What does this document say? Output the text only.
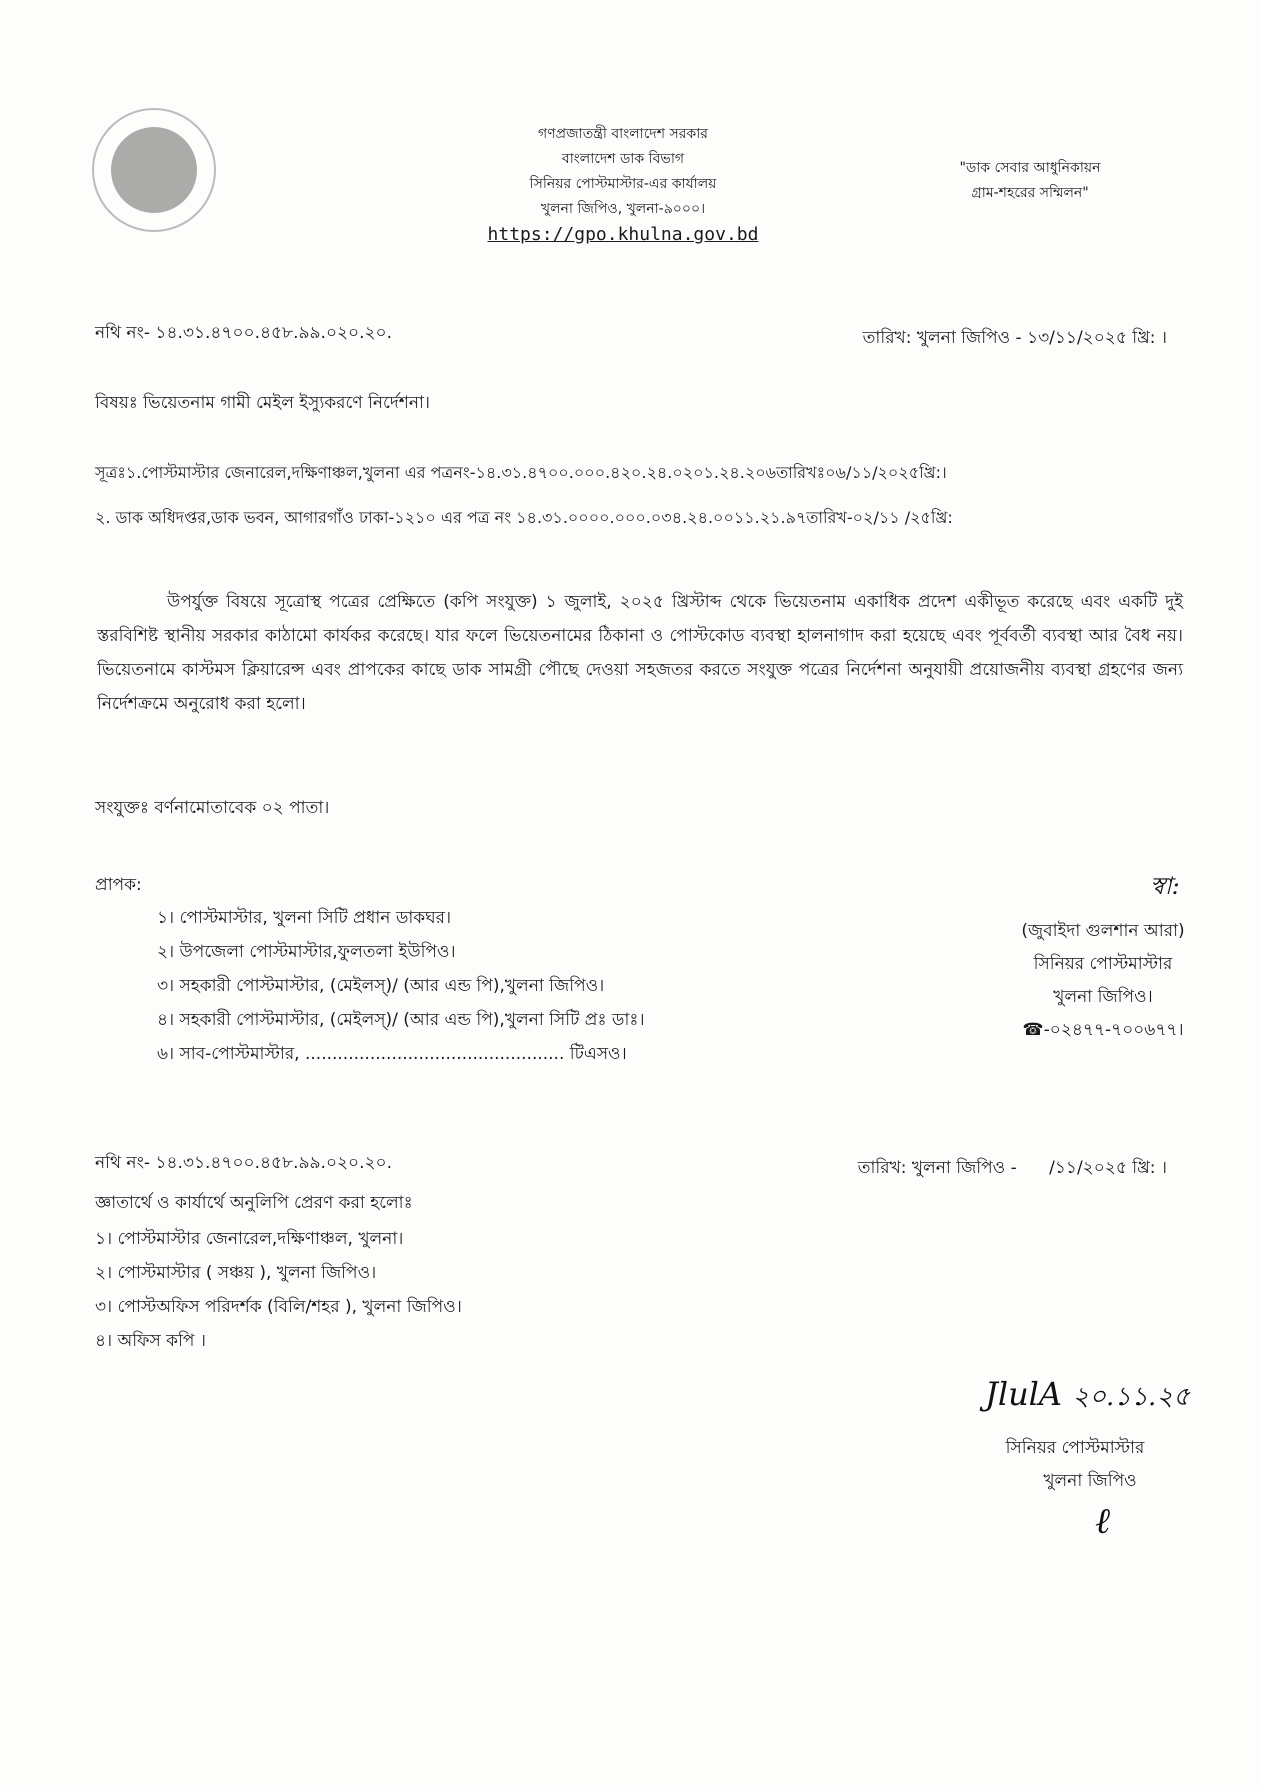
গণপ্রজাতন্ত্রী বাংলাদেশ সরকার
বাংলাদেশ ডাক বিভাগ
সিনিয়র পোস্টমাস্টার-এর কার্যালয়
খুলনা জিপিও, খুলনা-৯০০০।
https://gpo.khulna.gov.bd
"ডাক সেবার আধুনিকায়ন
গ্রাম-শহরের সম্মিলন"
নথি নং- ১৪.৩১.৪৭০০.৪৫৮.৯৯.০২০.২০.	তারিখ: খুলনা জিপিও - ১৩/১১/২০২৫ খ্রি: ।
বিষয়ঃ ভিয়েতনাম গামী মেইল ইস্যুকরণে নির্দেশনা।
সূত্রঃ১.পোস্টমাস্টার জেনারেল,দক্ষিণাঞ্চল,খুলনা এর পত্রনং-১৪.৩১.৪৭০০.০০০.৪২০.২৪.০২০১.২৪.২০৬তারিখঃ০৬/১১/২০২৫খ্রি:।
২. ডাক অধিদপ্তর,ডাক ভবন, আগারগাঁও ঢাকা-১২১০ এর পত্র নং ১৪.৩১.০০০০.০০০.০৩৪.২৪.০০১১.২১.৯৭তারিখ-০২/১১ /২৫খ্রি:
উপর্যুক্ত বিষয়ে সূত্রোস্থ পত্রের প্রেক্ষিতে (কপি সংযুক্ত) ১ জুলাই, ২০২৫ খ্রিস্টাব্দ থেকে ভিয়েতনাম একাধিক প্রদেশ একীভূত করেছে এবং একটি দুই স্তরবিশিষ্ট স্থানীয় সরকার কাঠামো কার্যকর করেছে। যার ফলে ভিয়েতনামের ঠিকানা ও পোস্টকোড ব্যবস্থা হালনাগাদ করা হয়েছে এবং পূর্ববর্তী ব্যবস্থা আর বৈধ নয়। ভিয়েতনামে কাস্টমস ক্লিয়ারেন্স এবং প্রাপকের কাছে ডাক সামগ্রী পৌছে দেওয়া সহজতর করতে সংযুক্ত পত্রের নির্দেশনা অনুযায়ী প্রয়োজনীয় ব্যবস্থা গ্রহণের জন্য নির্দেশক্রমে অনুরোধ করা হলো।
সংযুক্তঃ বর্ণনামোতাবেক ০২ পাতা।
প্রাপক:
১। পোস্টমাস্টার, খুলনা সিটি প্রধান ডাকঘর।
২। উপজেলা পোস্টমাস্টার,ফুলতলা ইউপিও।
৩। সহকারী পোস্টমাস্টার, (মেইলস্)/ (আর এন্ড পি),খুলনা জিপিও।
৪। সহকারী পোস্টমাস্টার, (মেইলস্)/ (আর এন্ড পি),খুলনা সিটি প্রঃ ডাঃ।
৬। সাব-পোস্টমাস্টার, ................................................ টিএসও।
স্বা:
(জুবাইদা গুলশান আরা)
সিনিয়র পোস্টমাস্টার
খুলনা জিপিও।
☎-০২৪৭৭-৭০০৬৭৭।
নথি নং- ১৪.৩১.৪৭০০.৪৫৮.৯৯.০২০.২০.	তারিখ: খুলনা জিপিও -      /১১/২০২৫ খ্রি: ।
জ্ঞাতার্থে ও কার্যার্থে অনুলিপি প্রেরণ করা হলোঃ
১। পোস্টমাস্টার জেনারেল,দক্ষিণাঞ্চল, খুলনা।
২। পোস্টমাস্টার ( সঞ্চয় ), খুলনা জিপিও।
৩। পোস্টঅফিস পরিদর্শক (বিলি/শহর ), খুলনা জিপিও।
৪। অফিস কপি ।
JlulA ২০.১১.২৫
সিনিয়র পোস্টমাস্টার
খুলনা জিপিও
ℓ
